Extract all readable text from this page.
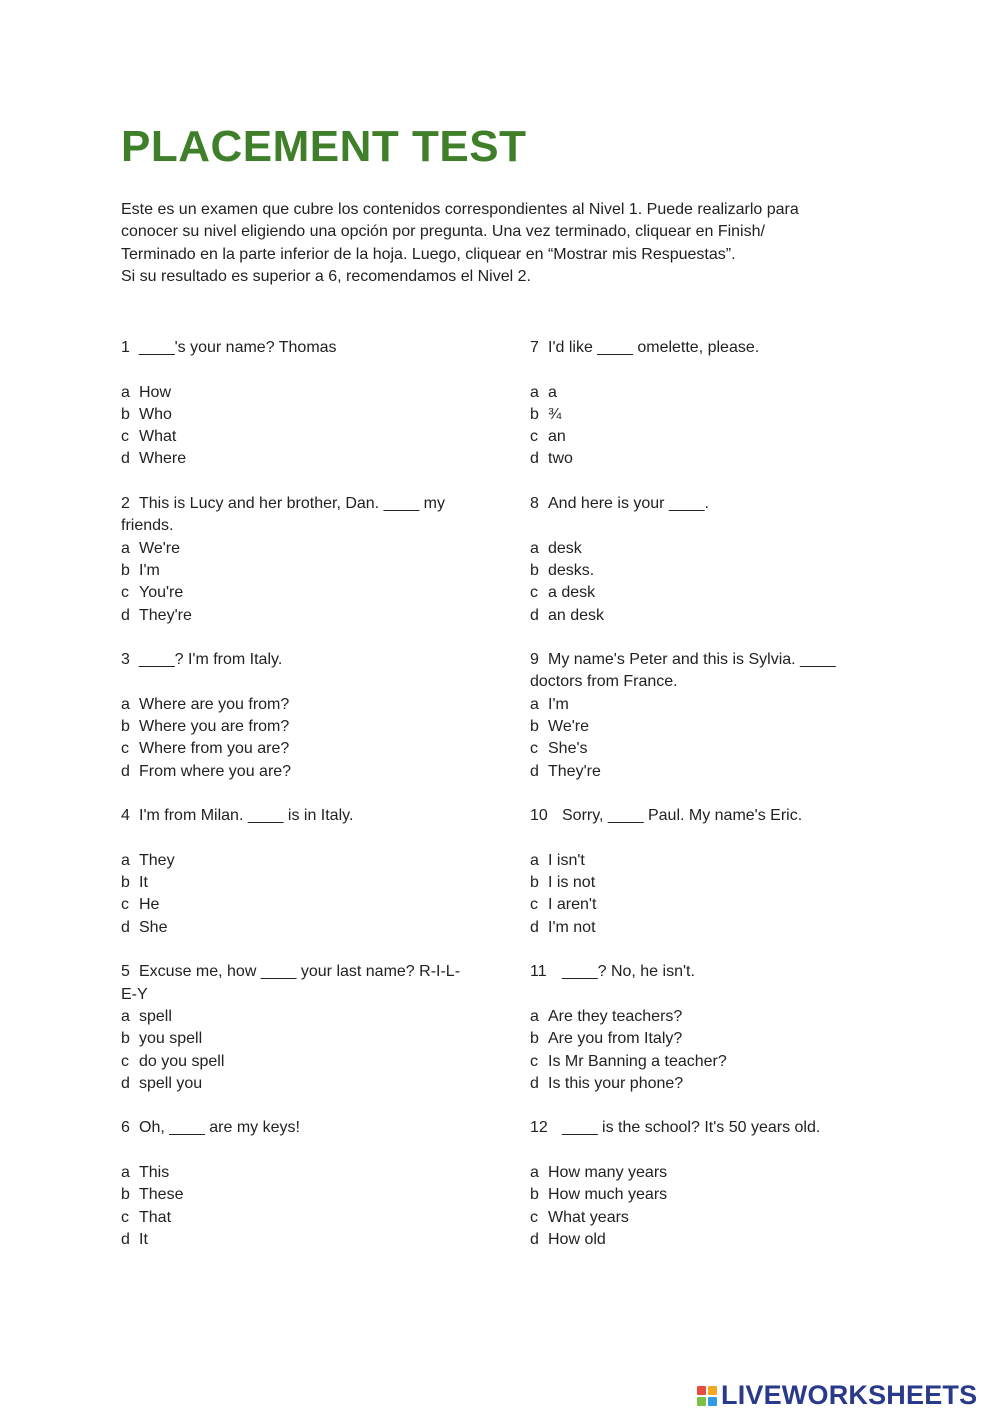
PLACEMENT TEST
Este es un examen que cubre los contenidos correspondientes al Nivel 1. Puede realizarlo para
conocer su nivel eligiendo una opción por pregunta. Una vez terminado, cliquear en Finish/
Terminado en la parte inferior de la hoja. Luego, cliquear en “Mostrar mis Respuestas”.
Si su resultado es superior a 6, recomendamos el Nivel 2.
1 ____'s your name? Thomas
a How
b Who
c What
d Where
2 This is Lucy and her brother, Dan. ____ my friends.
a We're
b I'm
c You're
d They're
3 ____? I'm from Italy.
a Where are you from?
b Where you are from?
c Where from you are?
d From where you are?
4 I'm from Milan. ____ is in Italy.
a They
b It
c He
d She
5 Excuse me, how ____ your last name? R-I-L-E-Y
a spell
b you spell
c do you spell
d spell you
6 Oh, ____ are my keys!
a This
b These
c That
d It
7 I'd like ____ omelette, please.
a a
b ¾
c an
d two
8 And here is your ____.
a desk
b desks.
c a desk
d an desk
9 My name's Peter and this is Sylvia. ____ doctors from France.
a I'm
b We're
c She's
d They're
10 Sorry, ____ Paul. My name's Eric.
a I isn't
b I is not
c I aren't
d I'm not
11 ____? No, he isn't.
a Are they teachers?
b Are you from Italy?
c Is Mr Banning a teacher?
d Is this your phone?
12 ____ is the school? It's 50 years old.
a How many years
b How much years
c What years
d How old
LIVEWORKSHEETS
